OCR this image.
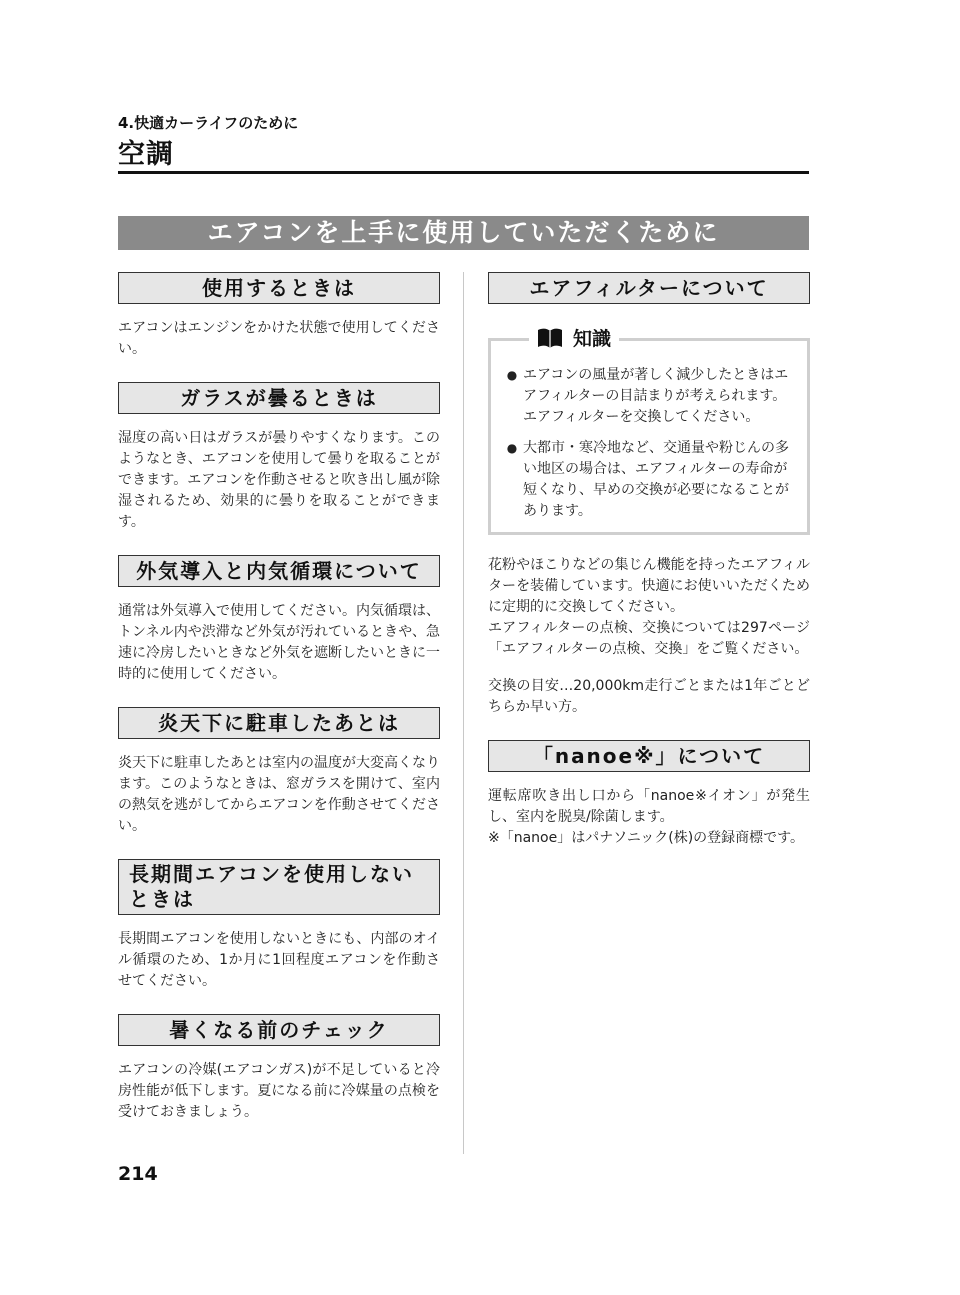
4.快適カーライフのために
空調
エアコンを上手に使用していただくために
使用するときは

エアコンはエンジンをかけた状態で使用してください。

ガラスが曇るときは

湿度の高い日はガラスが曇りやすくなります。このようなとき、エアコンを使用して曇りを取ることができます。エアコンを作動させると吹き出し風が除湿されるため、効果的に曇りを取ることができます。

外気導入と内気循環について

通常は外気導入で使用してください。内気循環は、トンネル内や渋滞など外気が汚れているときや、急速に冷房したいときなど外気を遮断したいときに一時的に使用してください。

炎天下に駐車したあとは

炎天下に駐車したあとは室内の温度が大変高くなります。このようなときは、窓ガラスを開けて、室内の熱気を逃がしてからエアコンを作動させてください。

長期間エアコンを使用しない
ときは

長期間エアコンを使用しないときにも、内部のオイル循環のため、1か月に1回程度エアコンを作動させてください。

暑くなる前のチェック

エアコンの冷媒(エアコンガス)が不足していると冷房性能が低下します。夏になる前に冷媒量の点検を受けておきましょう。

エアフィルターについて
知識
● エアコンの風量が著しく減少したときはエアフィルターの目詰まりが考えられます。エアフィルターを交換してください。
● 大都市・寒冷地など、交通量や粉じんの多い地区の場合は、エアフィルターの寿命が短くなり、早めの交換が必要になることがあります。

花粉やほこりなどの集じん機能を持ったエアフィルターを装備しています。快適にお使いいただくために定期的に交換してください。

エアフィルターの点検、交換については297ページ「エアフィルターの点検、交換」をご覧ください。

交換の目安…20,000km走行ごとまたは1年ごとどちらか早い方。

「nanoe※」について

運転席吹き出し口から「nanoe※イオン」が発生し、室内を脱臭/除菌します。

※「nanoe」はパナソニック(株)の登録商標です。

214
